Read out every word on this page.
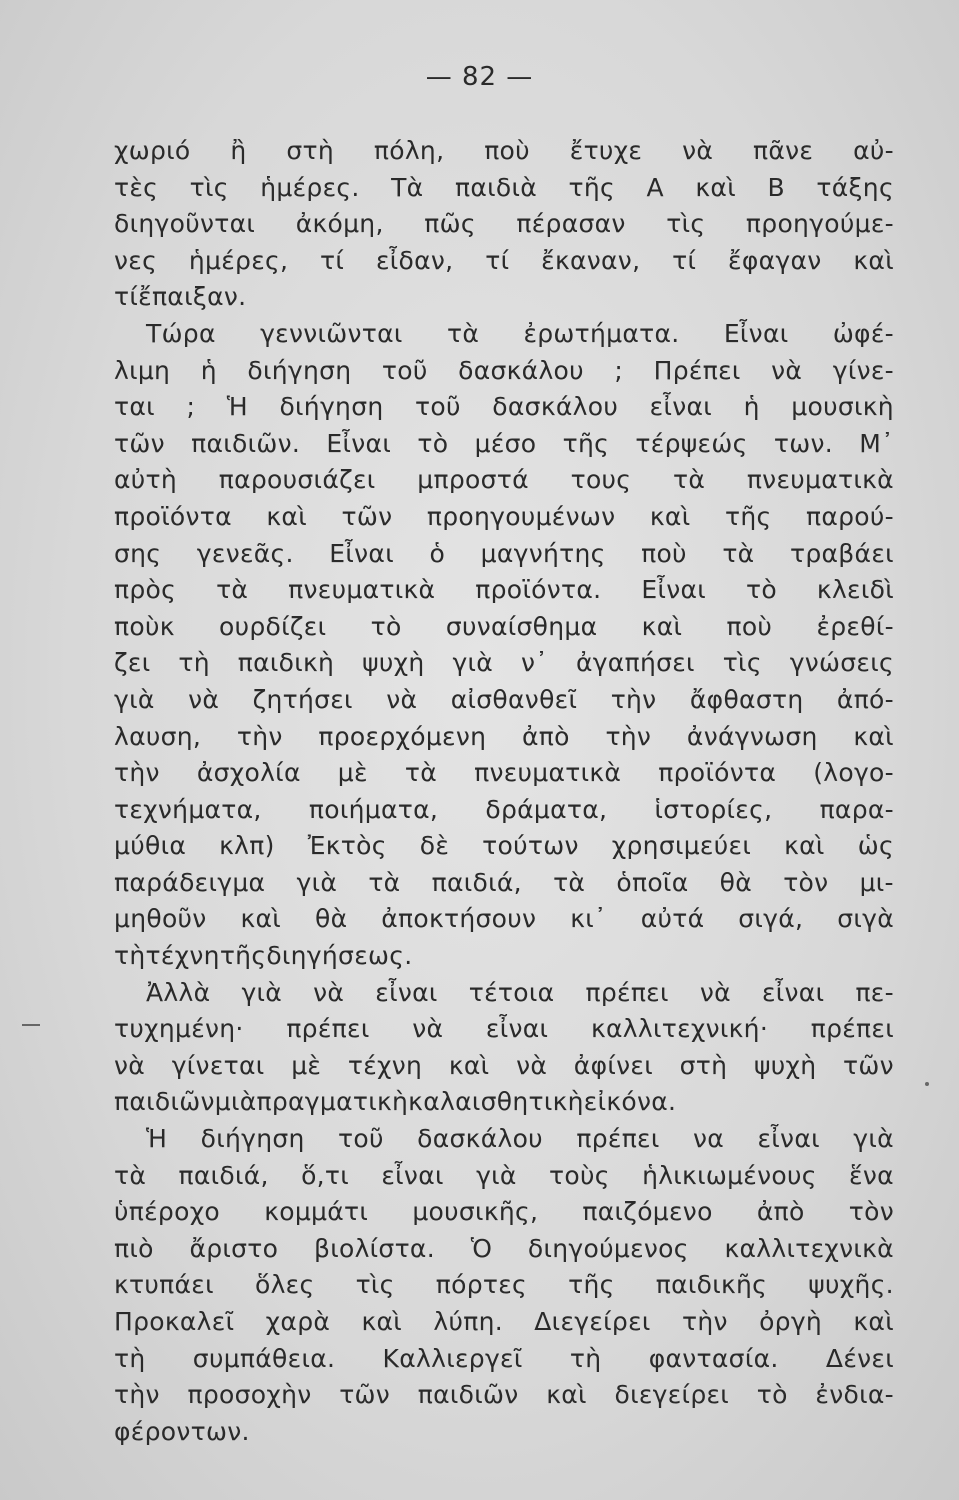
— 82 —
χωριό ἢ στὴ πόλη, ποὺ ἔτυχε νὰ πᾶνε αὐ-
τὲς τὶς ἡμέρες. Τὰ παιδιὰ τῆς Α καὶ Β τάξης
διηγοῦνται ἀκόμη, πῶς πέρασαν τὶς προηγούμε-
νες ἡμέρες, τί εἶδαν, τί ἔκαναν, τί ἔφαγαν καὶ
τί ἔπαιξαν.
Τώρα γεννιῶνται τὰ ἐρωτήματα. Εἶναι ὠφέ-
λιμη ἡ διήγηση τοῦ δασκάλου ; Πρέπει νὰ γίνε-
ται ; Ἡ διήγηση τοῦ δασκάλου εἶναι ἡ μουσικὴ
τῶν παιδιῶν. Εἶναι τὸ μέσο τῆς τέρψεώς των. Μ᾽
αὐτὴ παρουσιάζει μπροστά τους τὰ πνευματικὰ
προϊόντα καὶ τῶν προηγουμένων καὶ τῆς παρού-
σης γενεᾶς. Εἶναι ὁ μαγνήτης ποὺ τὰ τραβάει
πρὸς τὰ πνευματικὰ προϊόντα. Εἶναι τὸ κλειδὶ
ποὺκ ουρδίζει τὸ συναίσθημα καὶ ποὺ ἐρεθί-
ζει τὴ παιδικὴ ψυχὴ γιὰ ν᾽ ἀγαπήσει τὶς γνώσεις
γιὰ νὰ ζητήσει νὰ αἰσθανθεῖ τὴν ἄφθαστη ἀπό-
λαυση, τὴν προερχόμενη ἀπὸ τὴν ἀνάγνωση καὶ
τὴν ἀσχολία μὲ τὰ πνευματικὰ προϊόντα (λογο-
τεχνήματα, ποιήματα, δράματα, ἱστορίες, παρα-
μύθια κλπ) Ἐκτὸς δὲ τούτων χρησιμεύει καὶ ὡς
παράδειγμα γιὰ τὰ παιδιά, τὰ ὁποῖα θὰ τὸν μι-
μηθοῦν καὶ θὰ ἀποκτήσουν κι᾽ αὐτά σιγά, σιγὰ
τὴ τέχνη τῆς διηγήσεως.
Ἀλλὰ γιὰ νὰ εἶναι τέτοια πρέπει νὰ εἶναι πε-
τυχημένη· πρέπει νὰ εἶναι καλλιτεχνική· πρέπει
νὰ γίνεται μὲ τέχνη καὶ νὰ ἀφίνει στὴ ψυχὴ τῶν
παιδιῶν μιὰ πραγματικὴ καλαισθητικὴ εἰκόνα.
Ἡ διήγηση τοῦ δασκάλου πρέπει να εἶναι γιὰ
τὰ παιδιά, ὅ,τι εἶναι γιὰ τοὺς ἡλικιωμένους ἕνα
ὑπέροχο κομμάτι μουσικῆς, παιζόμενο ἀπὸ τὸν
πιὸ ἄριστο βιολίστα. Ὁ διηγούμενος καλλιτεχνικὰ
κτυπάει ὅλες τὶς πόρτες τῆς παιδικῆς ψυχῆς.
Προκαλεῖ χαρὰ καὶ λύπη. Διεγείρει τὴν ὀργὴ καὶ
τὴ συμπάθεια. Καλλιεργεῖ τὴ φαντασία. Δένει
τὴν προσοχὴν τῶν παιδιῶν καὶ διεγείρει τὸ ἐνδια-
φέρον των.
